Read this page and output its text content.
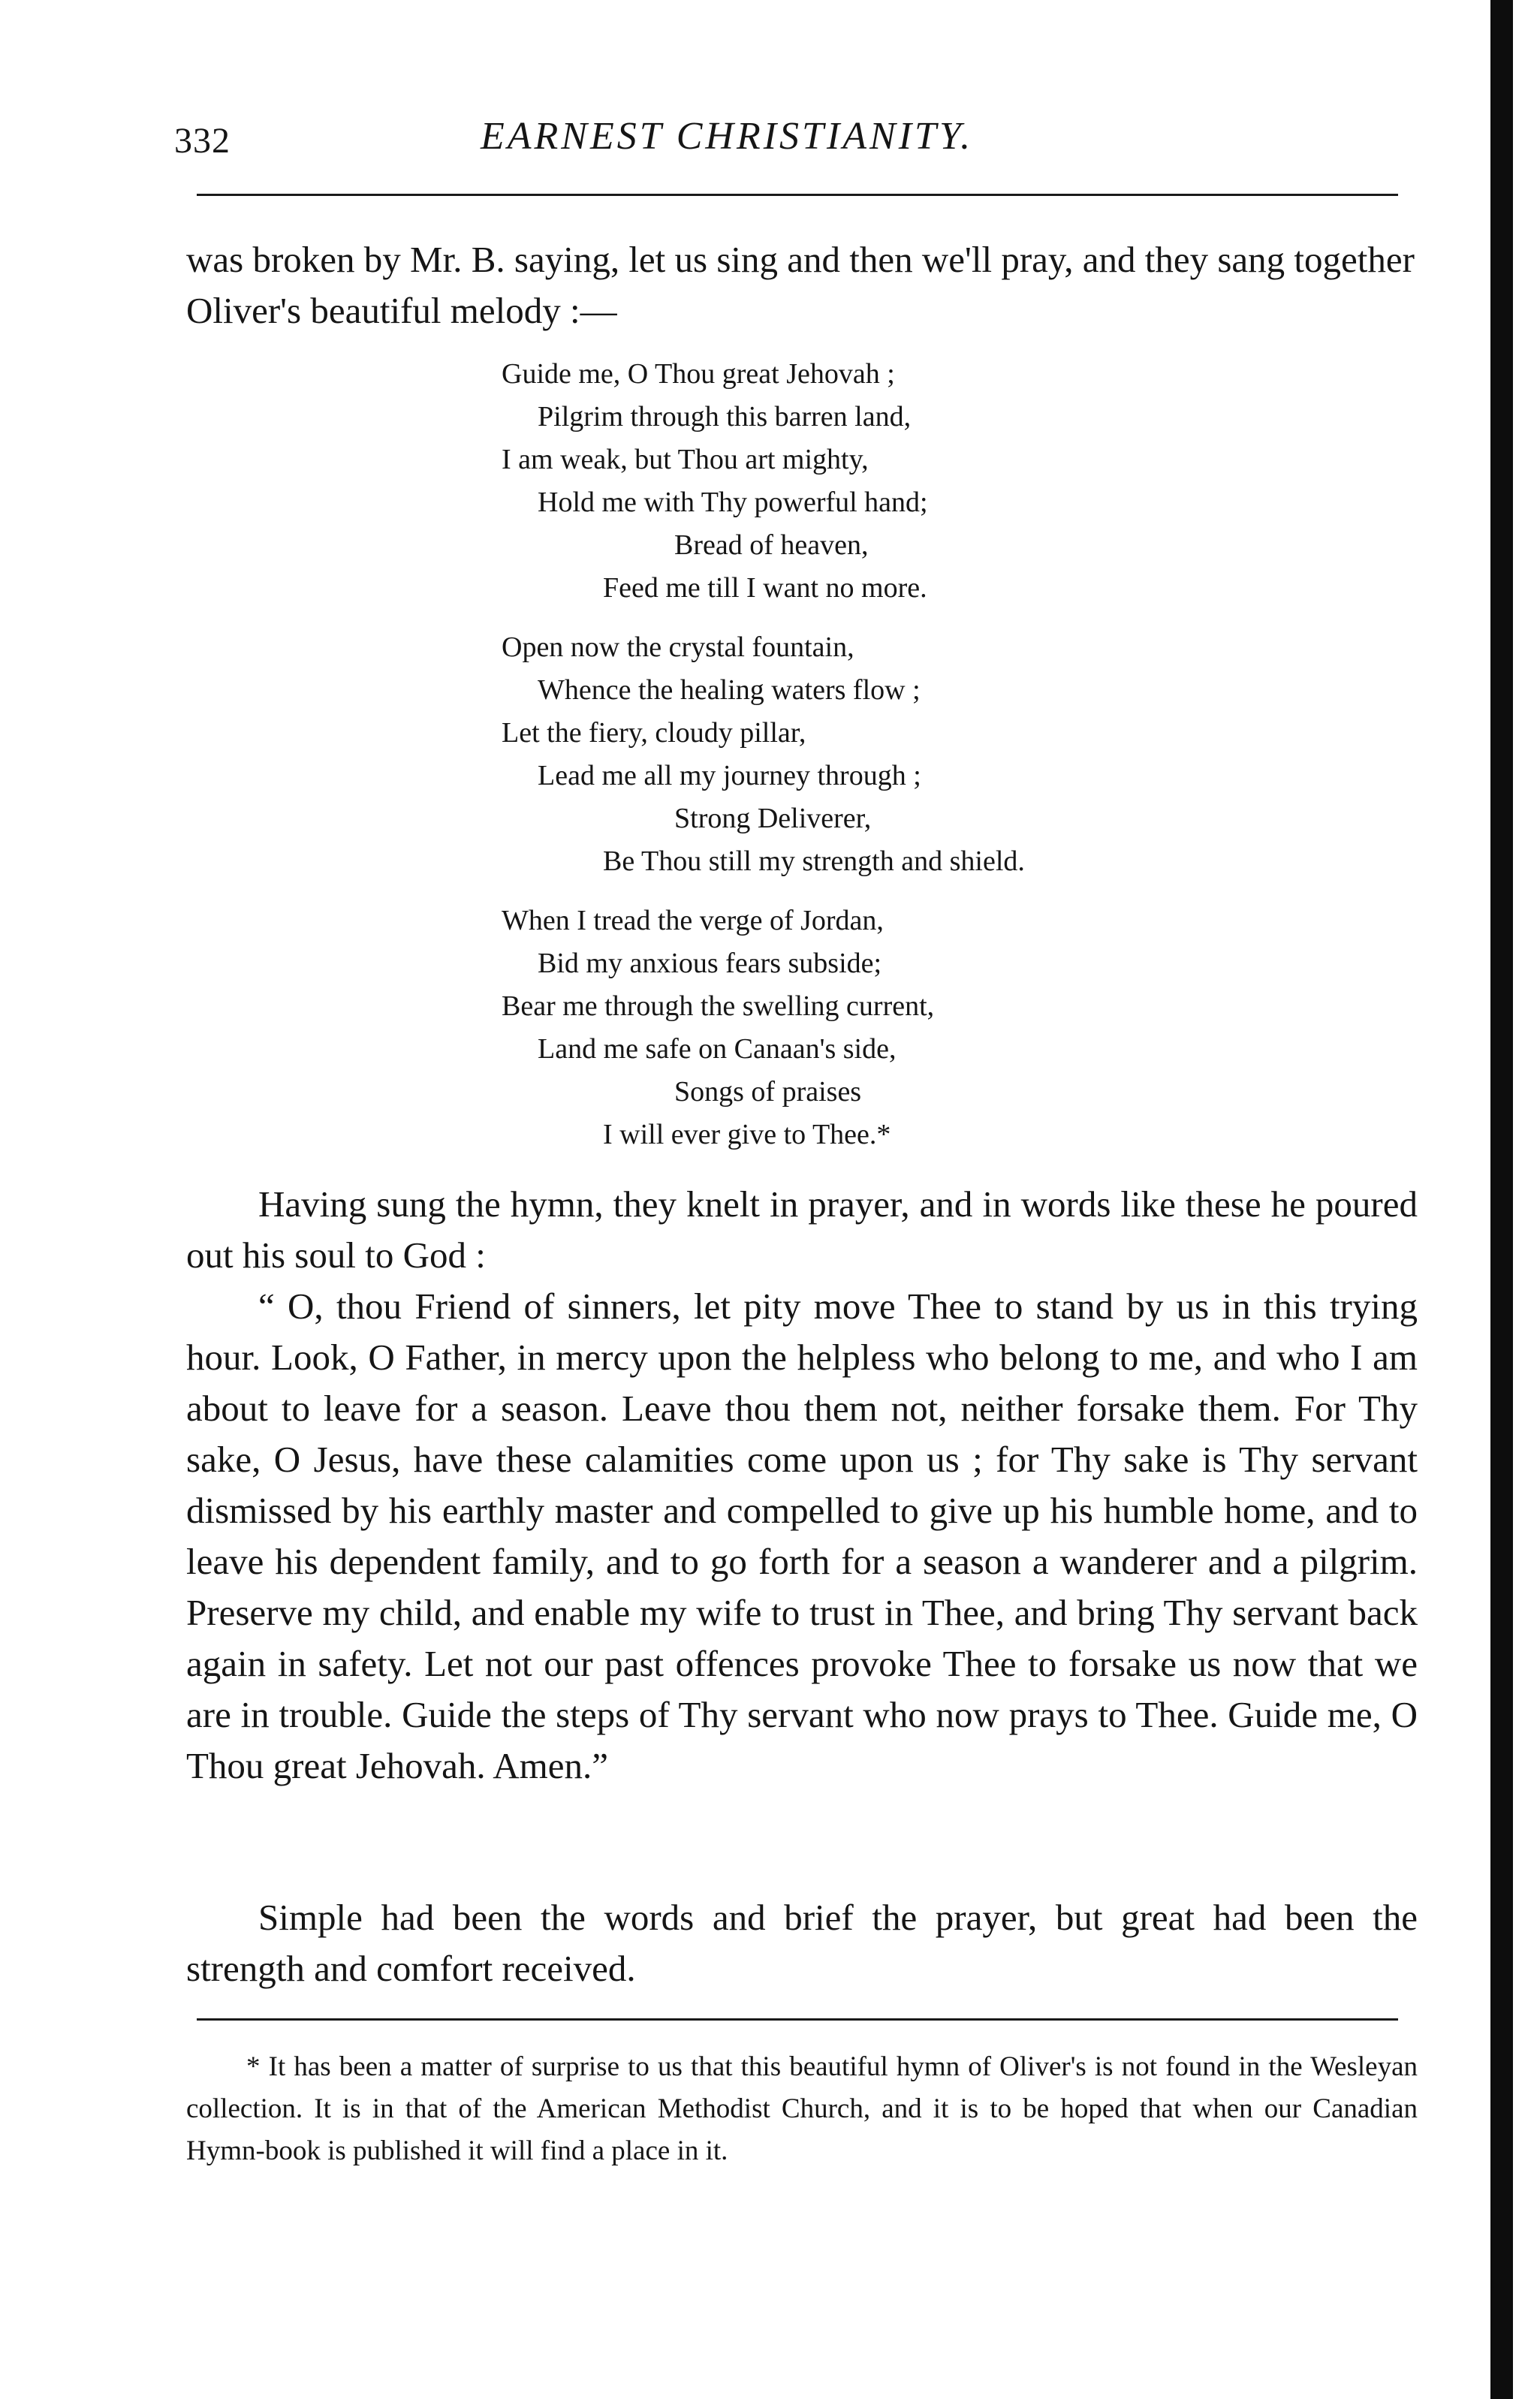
332	EARNEST CHRISTIANITY.

was broken by Mr. B. saying, let us sing and then we'll pray, and they sang together Oliver's beautiful melody :—

Guide me, O Thou great Jehovah ;
Pilgrim through this barren land,
I am weak, but Thou art mighty,
Hold me with Thy powerful hand;
Bread of heaven,
Feed me till I want no more.
Open now the crystal fountain,
Whence the healing waters flow ;
Let the fiery, cloudy pillar,
Lead me all my journey through ;
Strong Deliverer,
Be Thou still my strength and shield.
When I tread the verge of Jordan,
Bid my anxious fears subside;
Bear me through the swelling current,
Land me safe on Canaan's side,
Songs of praises
I will ever give to Thee.*

Having sung the hymn, they knelt in prayer, and in words like these he poured out his soul to God :

“ O, thou Friend of sinners, let pity move Thee to stand by us in this trying hour. Look, O Father, in mercy upon the helpless who belong to me, and who I am about to leave for a season. Leave thou them not, neither forsake them. For Thy sake, O Jesus, have these calamities come upon us ; for Thy sake is Thy servant dismissed by his earthly master and compelled to give up his humble home, and to leave his dependent family, and to go forth for a season a wanderer and a pilgrim. Preserve my child, and enable my wife to trust in Thee, and bring Thy servant back again in safety. Let not our past offences provoke Thee to forsake us now that we are in trouble. Guide the steps of Thy servant who now prays to Thee. Guide me, O Thou great Jehovah. Amen.”

Simple had been the words and brief the prayer, but great had been the strength and comfort received.

* It has been a matter of surprise to us that this beautiful hymn of Oliver's is not found in the Wesleyan collection. It is in that of the American Methodist Church, and it is to be hoped that when our Canadian Hymn-book is published it will find a place in it.
